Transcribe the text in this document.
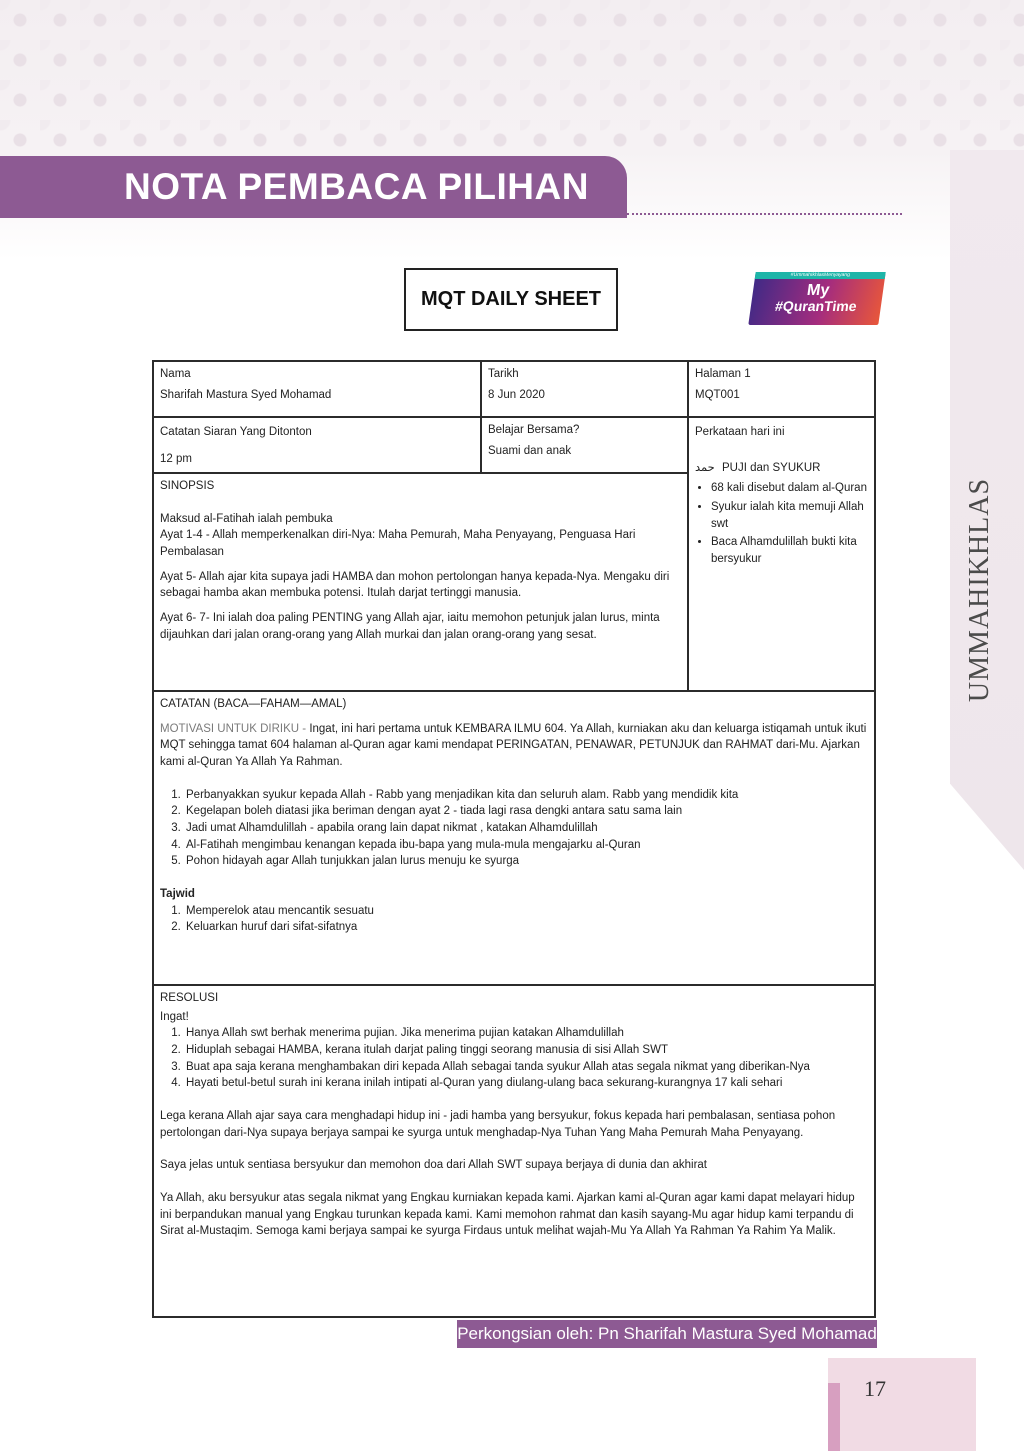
UMMAHIKHLAS
NOTA PEMBACA PILIHAN
MQT DAILY SHEET
#UmmahIkhlasMenyayang
My
#QuranTime
Nama
Sharifah Mastura Syed Mohamad
Tarikh
8 Jun 2020
Halaman 1
MQT001
Catatan Siaran Yang Ditonton
12 pm
Belajar Bersama?
Suami dan anak
Perkataan hari ini
حمد PUJI dan SYUKUR
• 68 kali disebut dalam al-Quran
• Syukur ialah kita memuji Allah swt
• Baca Alhamdulillah bukti kita bersyukur
SINOPSIS
Maksud al-Fatihah ialah pembuka
Ayat 1-4 - Allah memperkenalkan diri-Nya: Maha Pemurah, Maha Penyayang, Penguasa Hari Pembalasan
Ayat 5- Allah ajar kita supaya jadi HAMBA dan mohon pertolongan hanya kepada-Nya. Mengaku diri sebagai hamba akan membuka potensi. Itulah darjat tertinggi manusia.
Ayat 6- 7- Ini ialah doa paling PENTING yang Allah ajar, iaitu memohon petunjuk jalan lurus, minta dijauhkan dari jalan orang-orang yang Allah murkai dan jalan orang-orang yang sesat.
CATATAN (BACA—FAHAM—AMAL)
MOTIVASI UNTUK DIRIKU - Ingat, ini hari pertama untuk KEMBARA ILMU 604. Ya Allah, kurniakan aku dan keluarga istiqamah untuk ikuti MQT sehingga tamat 604 halaman al-Quran agar kami mendapat PERINGATAN, PENAWAR, PETUNJUK dan RAHMAT dari-Mu. Ajarkan kami al-Quran Ya Allah Ya Rahman.
1. Perbanyakkan syukur kepada Allah - Rabb yang menjadikan kita dan seluruh alam. Rabb yang mendidik kita
2. Kegelapan boleh diatasi jika beriman dengan ayat 2 - tiada lagi rasa dengki antara satu sama lain
3. Jadi umat Alhamdulillah - apabila orang lain dapat nikmat , katakan Alhamdulillah
4. Al-Fatihah mengimbau kenangan kepada ibu-bapa yang mula-mula mengajarku al-Quran
5. Pohon hidayah agar Allah tunjukkan jalan lurus menuju ke syurga
Tajwid
1. Memperelok atau mencantik sesuatu
2. Keluarkan huruf dari sifat-sifatnya
RESOLUSI
Ingat!
1. Hanya Allah swt berhak menerima pujian. Jika menerima pujian katakan Alhamdulillah
2. Hiduplah sebagai HAMBA, kerana itulah darjat paling tinggi seorang manusia di sisi Allah SWT
3. Buat apa saja kerana menghambakan diri kepada Allah sebagai tanda syukur Allah atas segala nikmat yang diberikan-Nya
4. Hayati betul-betul surah ini kerana inilah intipati al-Quran yang diulang-ulang baca sekurang-kurangnya 17 kali sehari
Lega kerana Allah ajar saya cara menghadapi hidup ini - jadi hamba yang bersyukur, fokus kepada hari pembalasan, sentiasa pohon pertolongan dari-Nya supaya berjaya sampai ke syurga untuk menghadap-Nya Tuhan Yang Maha Pemurah Maha Penyayang.
Saya jelas untuk sentiasa bersyukur dan memohon doa dari Allah SWT supaya berjaya di dunia dan akhirat
Ya Allah, aku bersyukur atas segala nikmat yang Engkau kurniakan kepada kami. Ajarkan kami al-Quran agar kami dapat melayari hidup ini berpandukan manual yang Engkau turunkan kepada kami. Kami memohon rahmat dan kasih sayang-Mu agar hidup kami terpandu di Sirat al-Mustaqim. Semoga kami berjaya sampai ke syurga Firdaus untuk melihat wajah-Mu Ya Allah Ya Rahman Ya Rahim Ya Malik.
Perkongsian oleh: Pn Sharifah Mastura Syed Mohamad
17
